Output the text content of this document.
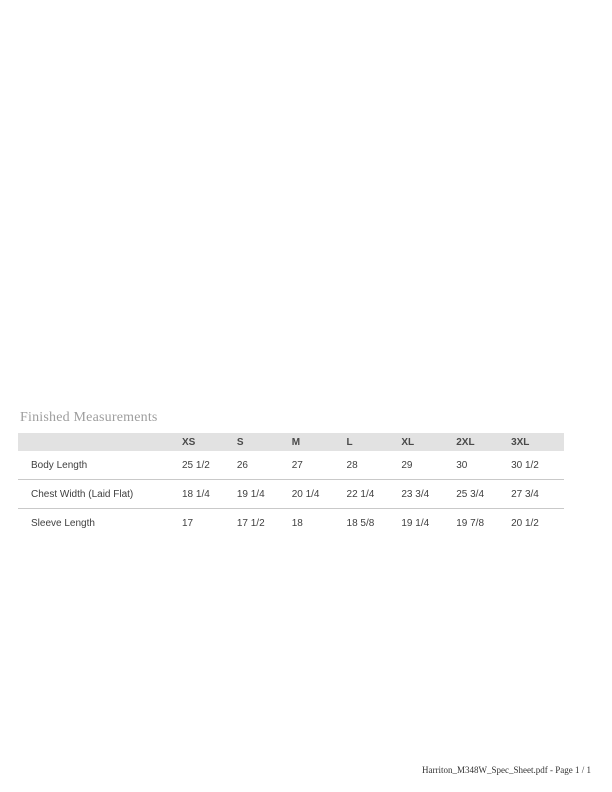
Finished Measurements
	XS	S	M	L	XL	2XL	3XL
Body Length	25 1/2	26	27	28	29	30	30 1/2
Chest Width (Laid Flat)	18 1/4	19 1/4	20 1/4	22 1/4	23 3/4	25 3/4	27 3/4
Sleeve Length	17	17 1/2	18	18 5/8	19 1/4	19 7/8	20 1/2
Harriton_M348W_Spec_Sheet.pdf - Page 1 / 1
